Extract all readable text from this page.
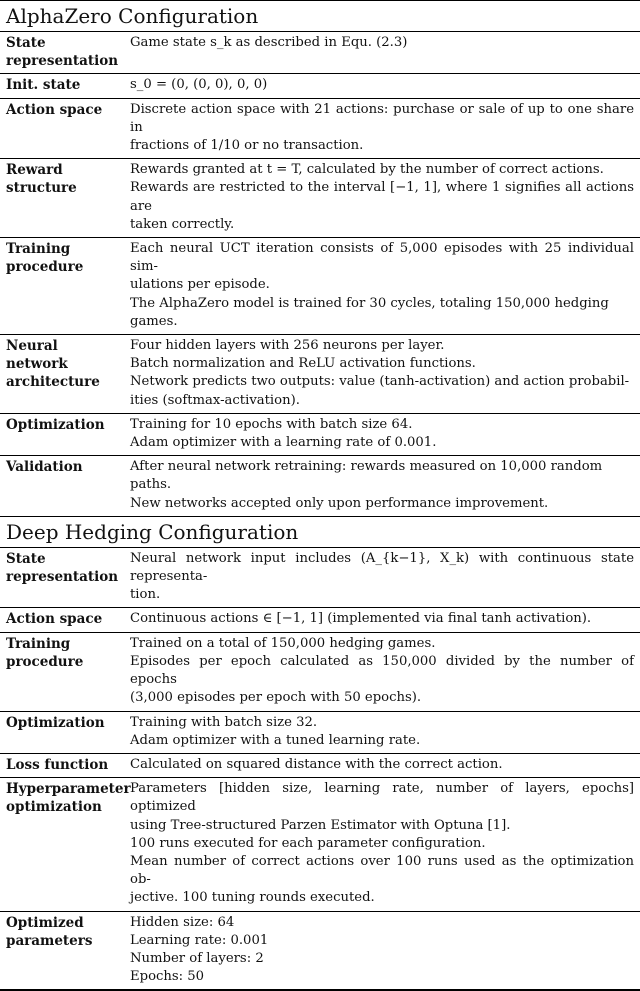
AlphaZero Configuration
State representation	Game state s_k as described in Equ. (2.3)

Init. state	s_0 = (0, (0, 0), 0, 0)

Action space	Discrete action space with 21 actions: purchase or sale of up to one share in
fractions of 1/10 or no transaction.

Reward structure	Rewards granted at t = T, calculated by the number of correct actions.
Rewards are restricted to the interval [−1, 1], where 1 signifies all actions are
taken correctly.

Training procedure	Each neural UCT iteration consists of 5,000 episodes with 25 individual sim-
ulations per episode.
The AlphaZero model is trained for 30 cycles, totaling 150,000 hedging
games.

Neural network architecture	Four hidden layers with 256 neurons per layer.
Batch normalization and ReLU activation functions.
Network predicts two outputs: value (tanh-activation) and action probabil-
ities (softmax-activation).

Optimization	Training for 10 epochs with batch size 64.
Adam optimizer with a learning rate of 0.001.

Validation	After neural network retraining: rewards measured on 10,000 random paths.
New networks accepted only upon performance improvement.
Deep Hedging Configuration
State representation	Neural network input includes (A_{k−1}, X_k) with continuous state representa-
tion.

Action space	Continuous actions ∈ [−1, 1] (implemented via final tanh activation).

Training procedure	Trained on a total of 150,000 hedging games.
Episodes per epoch calculated as 150,000 divided by the number of epochs
(3,000 episodes per epoch with 50 epochs).

Optimization	Training with batch size 32.
Adam optimizer with a tuned learning rate.

Loss function	Calculated on squared distance with the correct action.

Hyperparameter optimization	Parameters [hidden size, learning rate, number of layers, epochs] optimized
using Tree-structured Parzen Estimator with Optuna [1].
100 runs executed for each parameter configuration.
Mean number of correct actions over 100 runs used as the optimization ob-
jective. 100 tuning rounds executed.

Optimized parameters	Hidden size: 64
Learning rate: 0.001
Number of layers: 2
Epochs: 50
